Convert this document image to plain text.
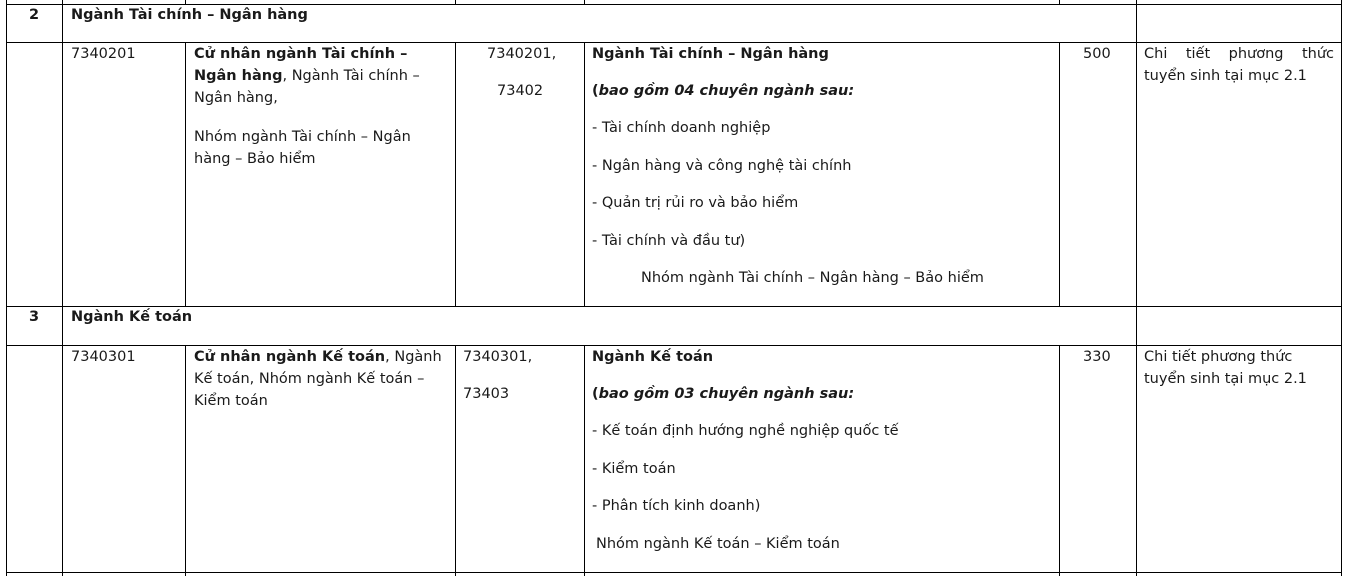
2 Ngành Tài chính – Ngân hàng
7340201	Cử nhân ngành Tài chính – Ngân hàng, Ngành Tài chính – Ngân hàng,
Nhóm ngành Tài chính – Ngân hàng – Bảo hiểm
7340201,
73402
Ngành Tài chính – Ngân hàng
(bao gồm 04 chuyên ngành sau:
- Tài chính doanh nghiệp
- Ngân hàng và công nghệ tài chính
- Quản trị rủi ro và bảo hiểm
- Tài chính và đầu tư)
Nhóm ngành Tài chính – Ngân hàng – Bảo hiểm
500 Chi tiết phương thức tuyển sinh tại mục 2.1
3 Ngành Kế toán
7340301	Cử nhân ngành Kế toán, Ngành Kế toán, Nhóm ngành Kế toán – Kiểm toán
7340301,
73403
Ngành Kế toán
(bao gồm 03 chuyên ngành sau:
- Kế toán định hướng nghề nghiệp quốc tế
- Kiểm toán
- Phân tích kinh doanh)
Nhóm ngành Kế toán – Kiểm toán
330 Chi tiết phương thức tuyển sinh tại mục 2.1
